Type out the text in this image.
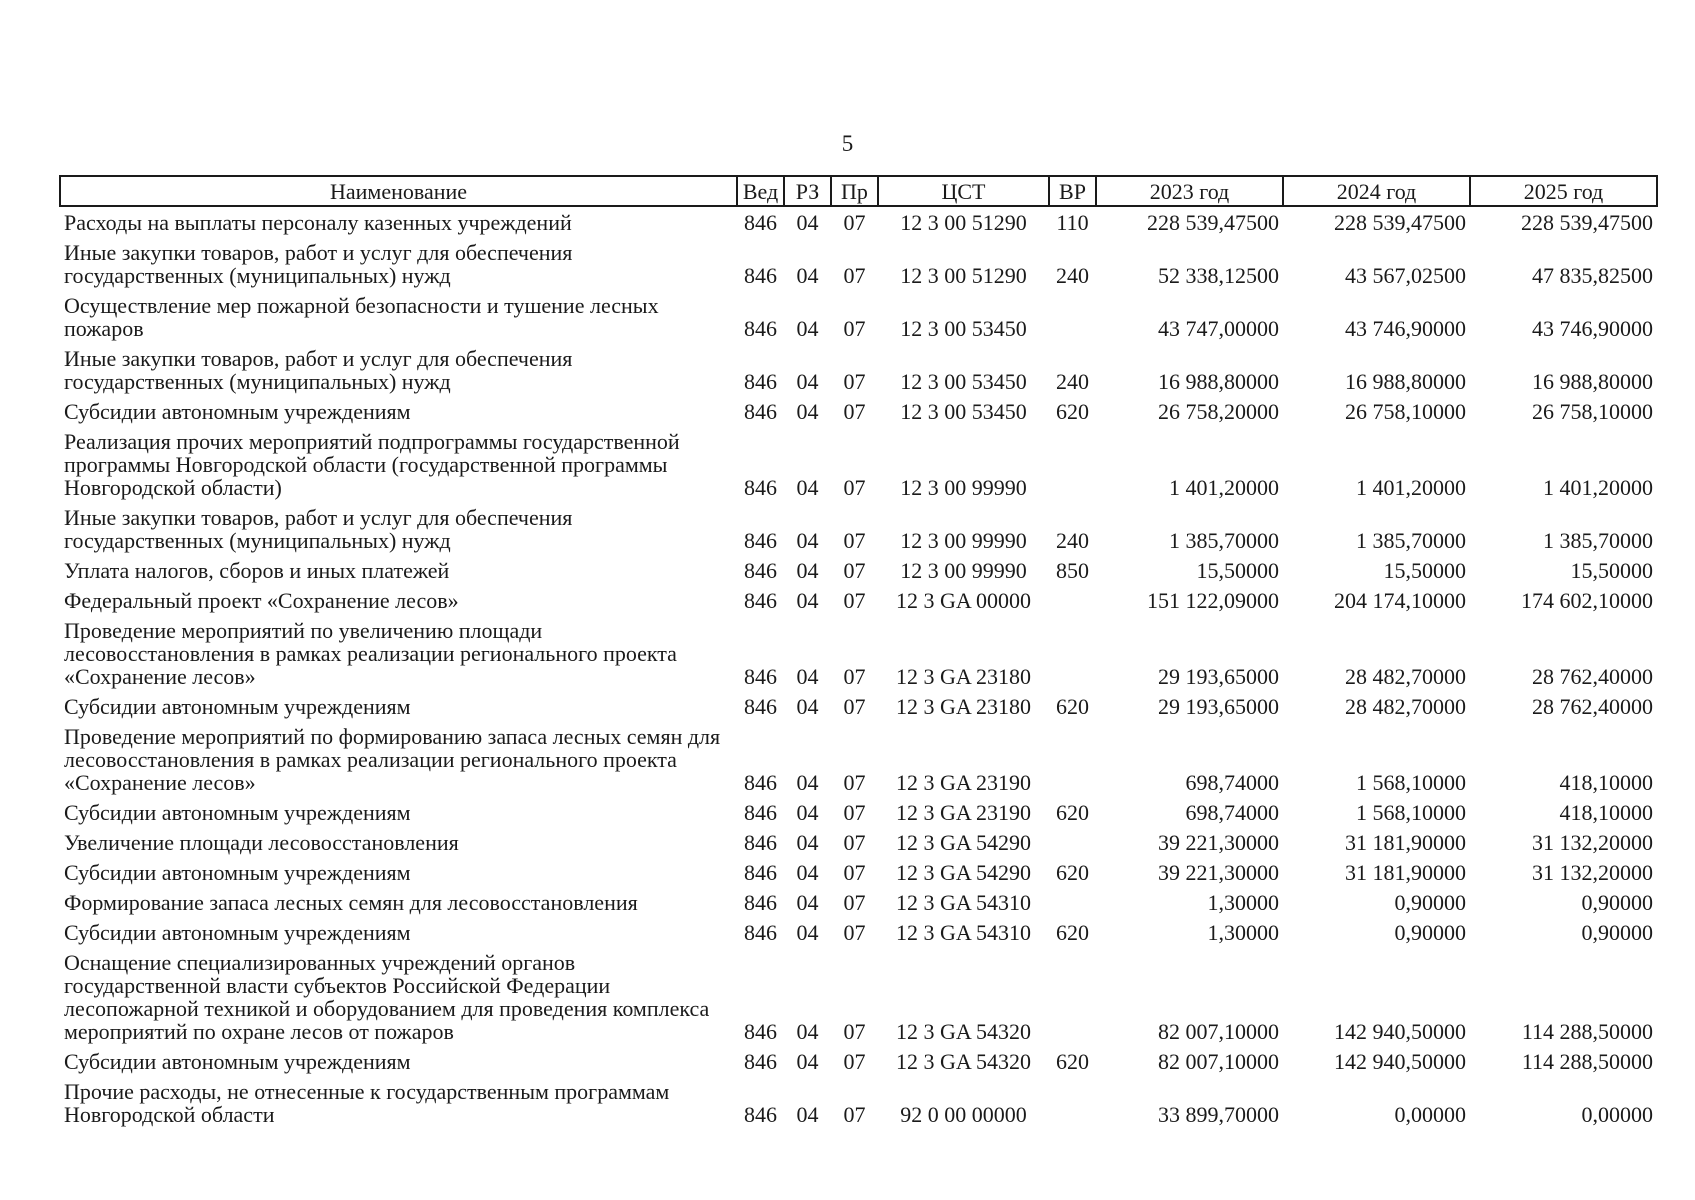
5
Наименование	Вед	РЗ	Пр	ЦСТ	ВР	2023 год	2024 год	2025 год
Расходы на выплаты персоналу казенных учреждений	846	04	07	12 3 00 51290	110	228 539,47500	228 539,47500	228 539,47500
Иные закупки товаров, работ и услуг для обеспечения государственных (муниципальных) нужд	846	04	07	12 3 00 51290	240	52 338,12500	43 567,02500	47 835,82500
Осуществление мер пожарной безопасности и тушение лесных пожаров	846	04	07	12 3 00 53450		43 747,00000	43 746,90000	43 746,90000
Иные закупки товаров, работ и услуг для обеспечения государственных (муниципальных) нужд	846	04	07	12 3 00 53450	240	16 988,80000	16 988,80000	16 988,80000
Субсидии автономным учреждениям	846	04	07	12 3 00 53450	620	26 758,20000	26 758,10000	26 758,10000
Реализация прочих мероприятий подпрограммы государственной программы Новгородской области (государственной программы Новгородской области)	846	04	07	12 3 00 99990		1 401,20000	1 401,20000	1 401,20000
Иные закупки товаров, работ и услуг для обеспечения государственных (муниципальных) нужд	846	04	07	12 3 00 99990	240	1 385,70000	1 385,70000	1 385,70000
Уплата налогов, сборов и иных платежей	846	04	07	12 3 00 99990	850	15,50000	15,50000	15,50000
Федеральный проект «Сохранение лесов»	846	04	07	12 3 GA 00000		151 122,09000	204 174,10000	174 602,10000
Проведение мероприятий по увеличению площади лесовосстановления в рамках реализации регионального проекта «Сохранение лесов»	846	04	07	12 3 GA 23180		29 193,65000	28 482,70000	28 762,40000
Субсидии автономным учреждениям	846	04	07	12 3 GA 23180	620	29 193,65000	28 482,70000	28 762,40000
Проведение мероприятий по формированию запаса лесных семян для лесовосстановления в рамках реализации регионального проекта «Сохранение лесов»	846	04	07	12 3 GA 23190		698,74000	1 568,10000	418,10000
Субсидии автономным учреждениям	846	04	07	12 3 GA 23190	620	698,74000	1 568,10000	418,10000
Увеличение площади лесовосстановления	846	04	07	12 3 GA 54290		39 221,30000	31 181,90000	31 132,20000
Субсидии автономным учреждениям	846	04	07	12 3 GA 54290	620	39 221,30000	31 181,90000	31 132,20000
Формирование запаса лесных семян для лесовосстановления	846	04	07	12 3 GA 54310		1,30000	0,90000	0,90000
Субсидии автономным учреждениям	846	04	07	12 3 GA 54310	620	1,30000	0,90000	0,90000
Оснащение специализированных учреждений органов государственной власти субъектов Российской Федерации лесопожарной техникой и оборудованием для проведения комплекса мероприятий по охране лесов от пожаров	846	04	07	12 3 GA 54320		82 007,10000	142 940,50000	114 288,50000
Субсидии автономным учреждениям	846	04	07	12 3 GA 54320	620	82 007,10000	142 940,50000	114 288,50000
Прочие расходы, не отнесенные к государственным программам Новгородской области	846	04	07	92 0 00 00000		33 899,70000	0,00000	0,00000
